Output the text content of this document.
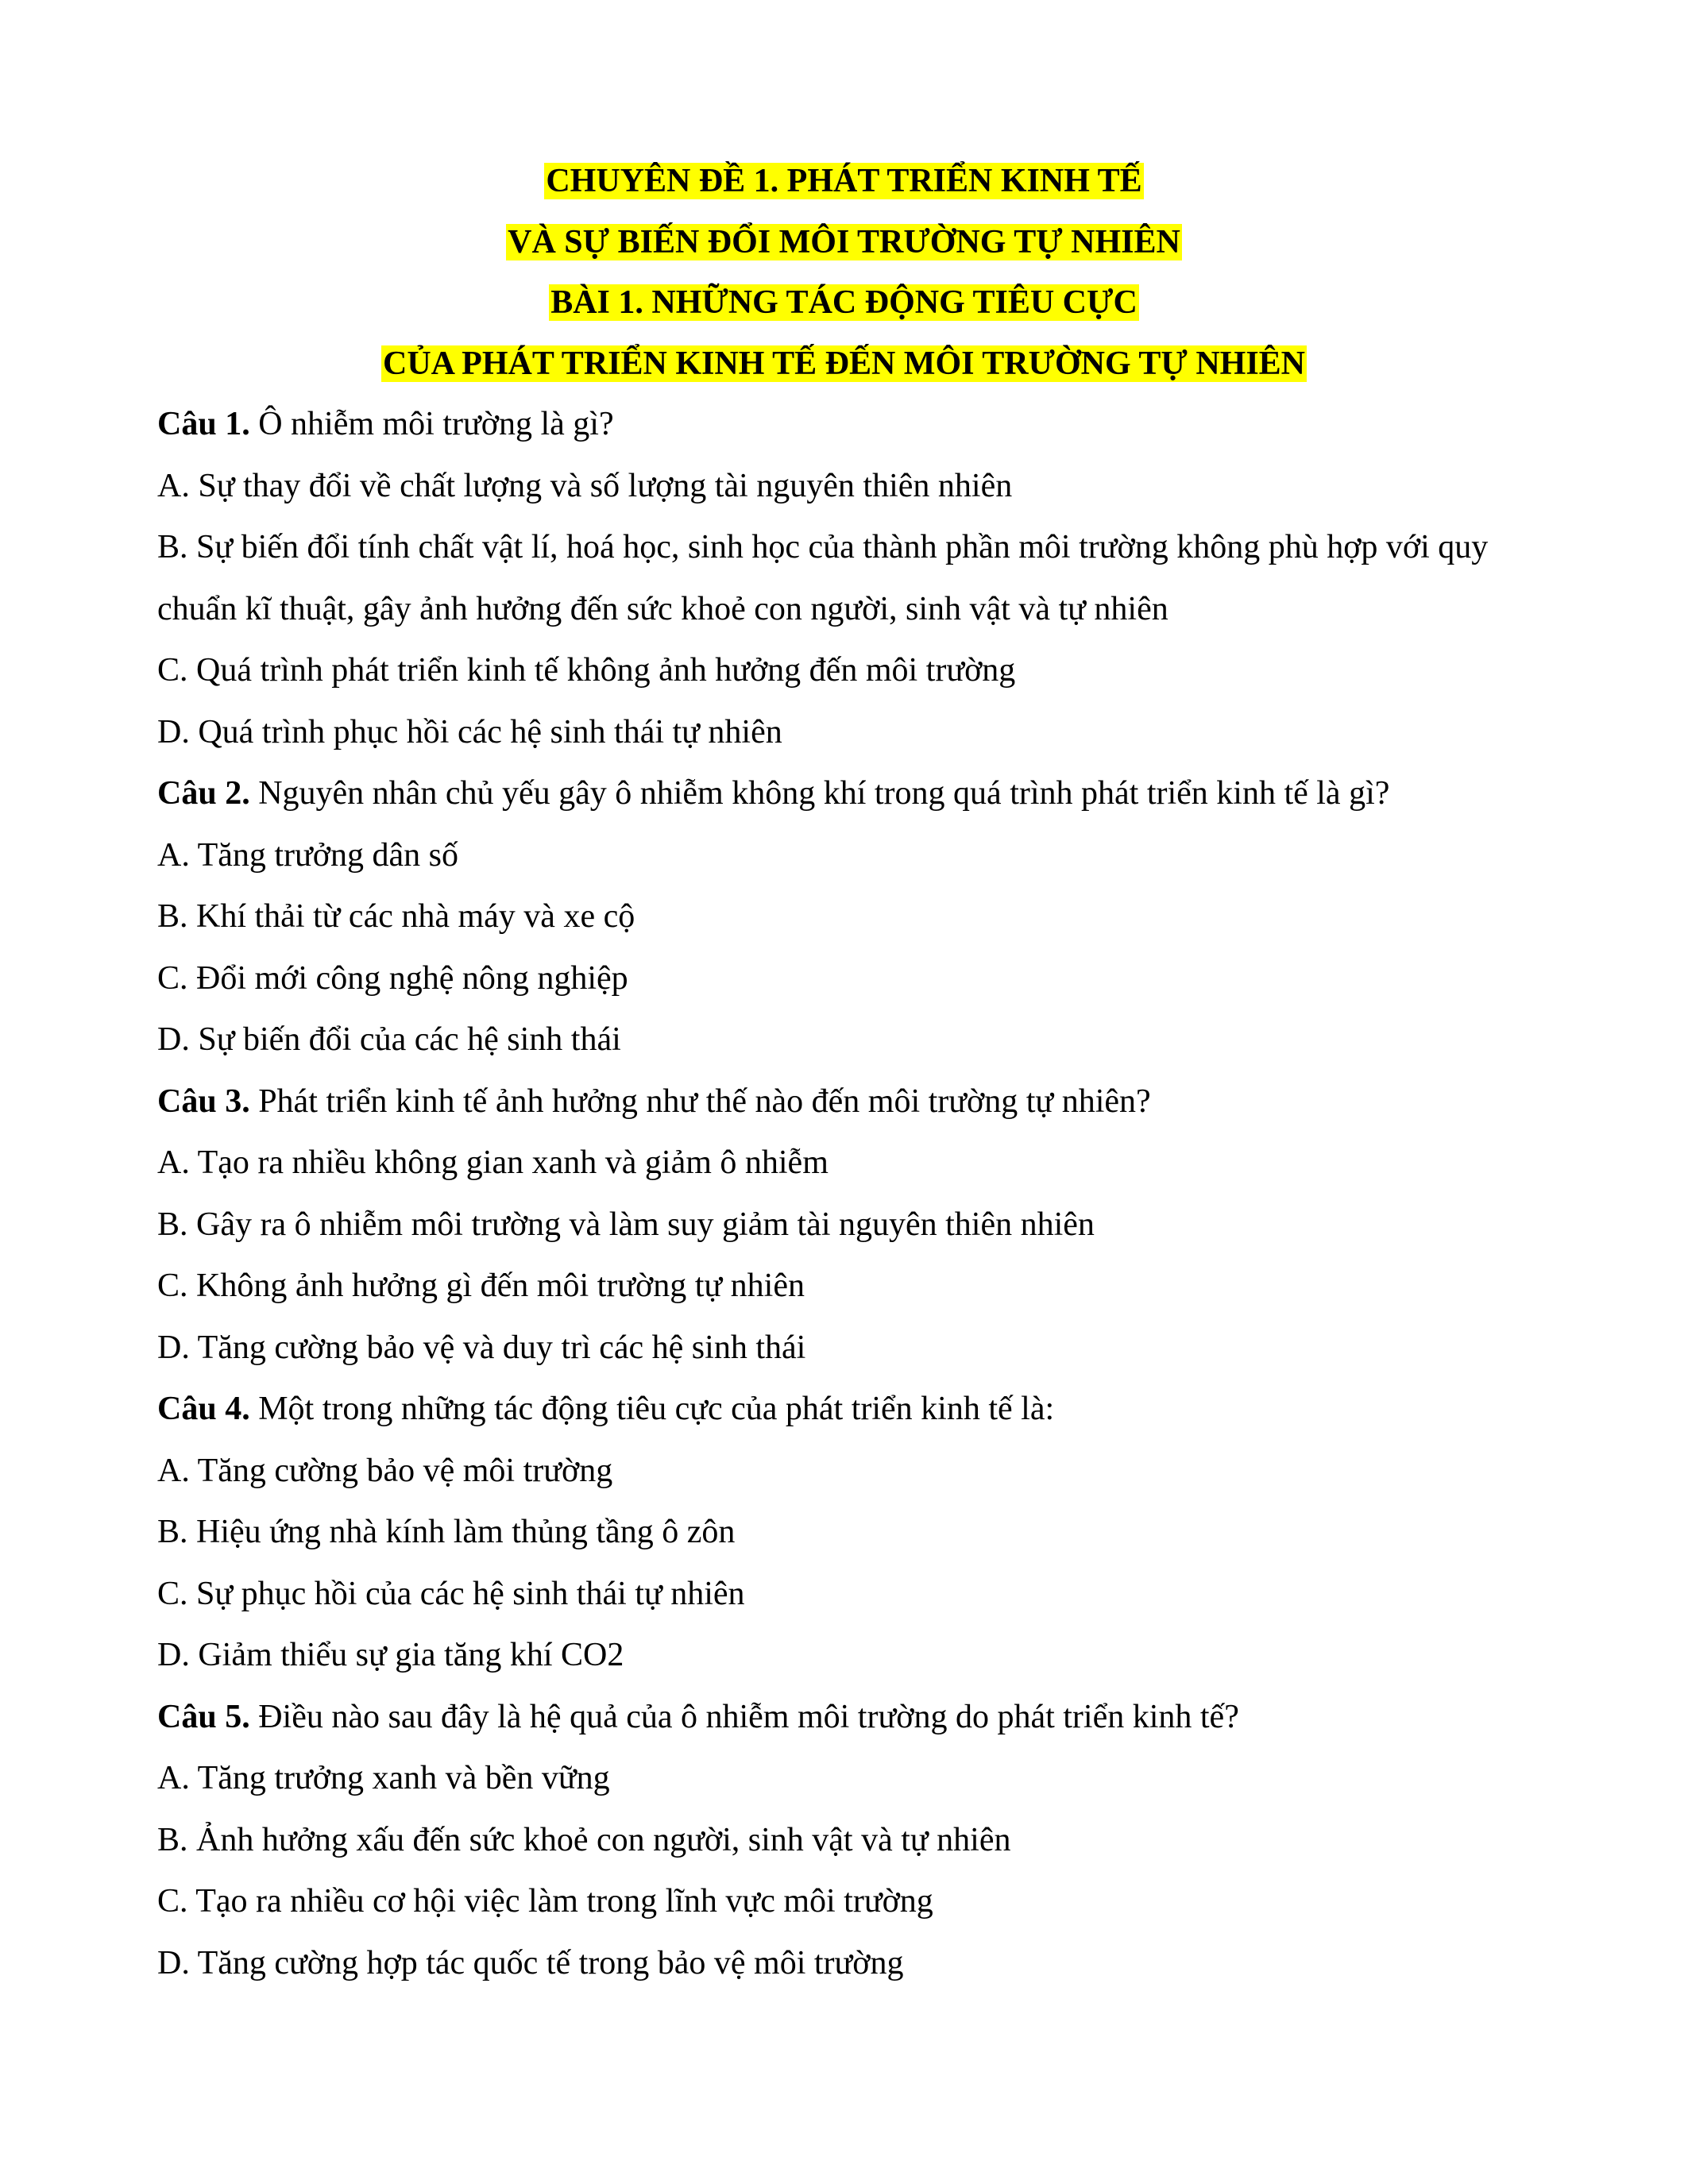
CHUYÊN ĐỀ 1. PHÁT TRIỂN KINH TẾ
VÀ SỰ BIẾN ĐỔI MÔI TRƯỜNG TỰ NHIÊN
BÀI 1. NHỮNG TÁC ĐỘNG TIÊU CỰC
CỦA PHÁT TRIỂN KINH TẾ ĐẾN MÔI TRƯỜNG TỰ NHIÊN
Câu 1. Ô nhiễm môi trường là gì?
A. Sự thay đổi về chất lượng và số lượng tài nguyên thiên nhiên
B. Sự biến đổi tính chất vật lí, hoá học, sinh học của thành phần môi trường không phù hợp với quy chuẩn kĩ thuật, gây ảnh hưởng đến sức khoẻ con người, sinh vật và tự nhiên
C. Quá trình phát triển kinh tế không ảnh hưởng đến môi trường
D. Quá trình phục hồi các hệ sinh thái tự nhiên
Câu 2. Nguyên nhân chủ yếu gây ô nhiễm không khí trong quá trình phát triển kinh tế là gì?
A. Tăng trưởng dân số
B. Khí thải từ các nhà máy và xe cộ
C. Đổi mới công nghệ nông nghiệp
D. Sự biến đổi của các hệ sinh thái
Câu 3. Phát triển kinh tế ảnh hưởng như thế nào đến môi trường tự nhiên?
A. Tạo ra nhiều không gian xanh và giảm ô nhiễm
B. Gây ra ô nhiễm môi trường và làm suy giảm tài nguyên thiên nhiên
C. Không ảnh hưởng gì đến môi trường tự nhiên
D. Tăng cường bảo vệ và duy trì các hệ sinh thái
Câu 4. Một trong những tác động tiêu cực của phát triển kinh tế là:
A. Tăng cường bảo vệ môi trường
B. Hiệu ứng nhà kính làm thủng tầng ô zôn
C. Sự phục hồi của các hệ sinh thái tự nhiên
D. Giảm thiểu sự gia tăng khí CO2
Câu 5. Điều nào sau đây là hệ quả của ô nhiễm môi trường do phát triển kinh tế?
A. Tăng trưởng xanh và bền vững
B. Ảnh hưởng xấu đến sức khoẻ con người, sinh vật và tự nhiên
C. Tạo ra nhiều cơ hội việc làm trong lĩnh vực môi trường
D. Tăng cường hợp tác quốc tế trong bảo vệ môi trường
